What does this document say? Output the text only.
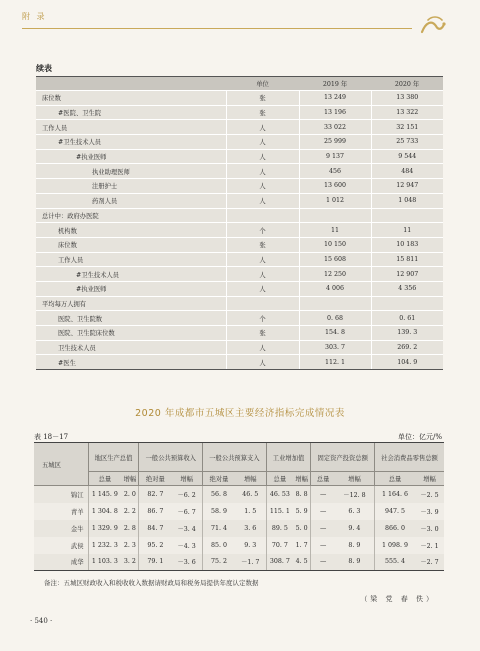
附 录
续表
	单位	2019 年	2020 年
床位数	张	13 249	13 380
#医院、卫生院	张	13 196	13 322
工作人员	人	33 022	32 151
#卫生技术人员	人	25 999	25 733
#执业医师	人	9 137	9 544
执业助理医师	人	456	484
注册护士	人	13 600	12 947
药剂人员	人	1 012	1 048
总计中：政府办医院			
机构数	个	11	11
床位数	张	10 150	10 183
工作人员	人	15 608	15 811
#卫生技术人员	人	12 250	12 907
#执业医师	人	4 006	4 356
平均每万人拥有			
医院、卫生院数	个	0. 68	0. 61
医院、卫生院床位数	张	154. 8	139. 3
卫生技术人员	人	303. 7	269. 2
#医生	人	112. 1	104. 9
2020 年成都市五城区主要经济指标完成情况表
表 18－17	单位：亿元/%
五城区	地区生产总值		一般公共预算收入		一般公共预算支入		工业增加值		固定资产投资总额		社会消费品零售总额	
	总量	增幅	绝对量	增幅	绝对量	增幅	总量	增幅	总量	增幅	总量	增幅
锦江	1 145. 9	2. 0	82. 7	－6. 2	56. 8	46. 5	46. 53	8. 8	—	－12. 8	1 164. 6	－2. 5
青羊	1 304. 8	2. 2	86. 7	－6. 7	58. 9	1. 5	115. 1	5. 9	—	6. 3	947. 5	－3. 9
金牛	1 329. 9	2. 8	84. 7	－3. 4	71. 4	3. 6	89. 5	5. 0	—	9. 4	866. 0	－3. 0
武侯	1 232. 3	2. 3	95. 2	－4. 3	85. 0	9. 3	70. 7	1. 7	—	8. 9	1 098. 9	－2. 1
成华	1 103. 3	3. 2	79. 1	－3. 6	75. 2	－1. 7	308. 7	4. 5	—	8. 9	555. 4	－2. 7
备注：五城区财政收入和税收收入数据请财政局和税务局提供年度认定数据
（梁 党 春 佚）
· 540 ·
